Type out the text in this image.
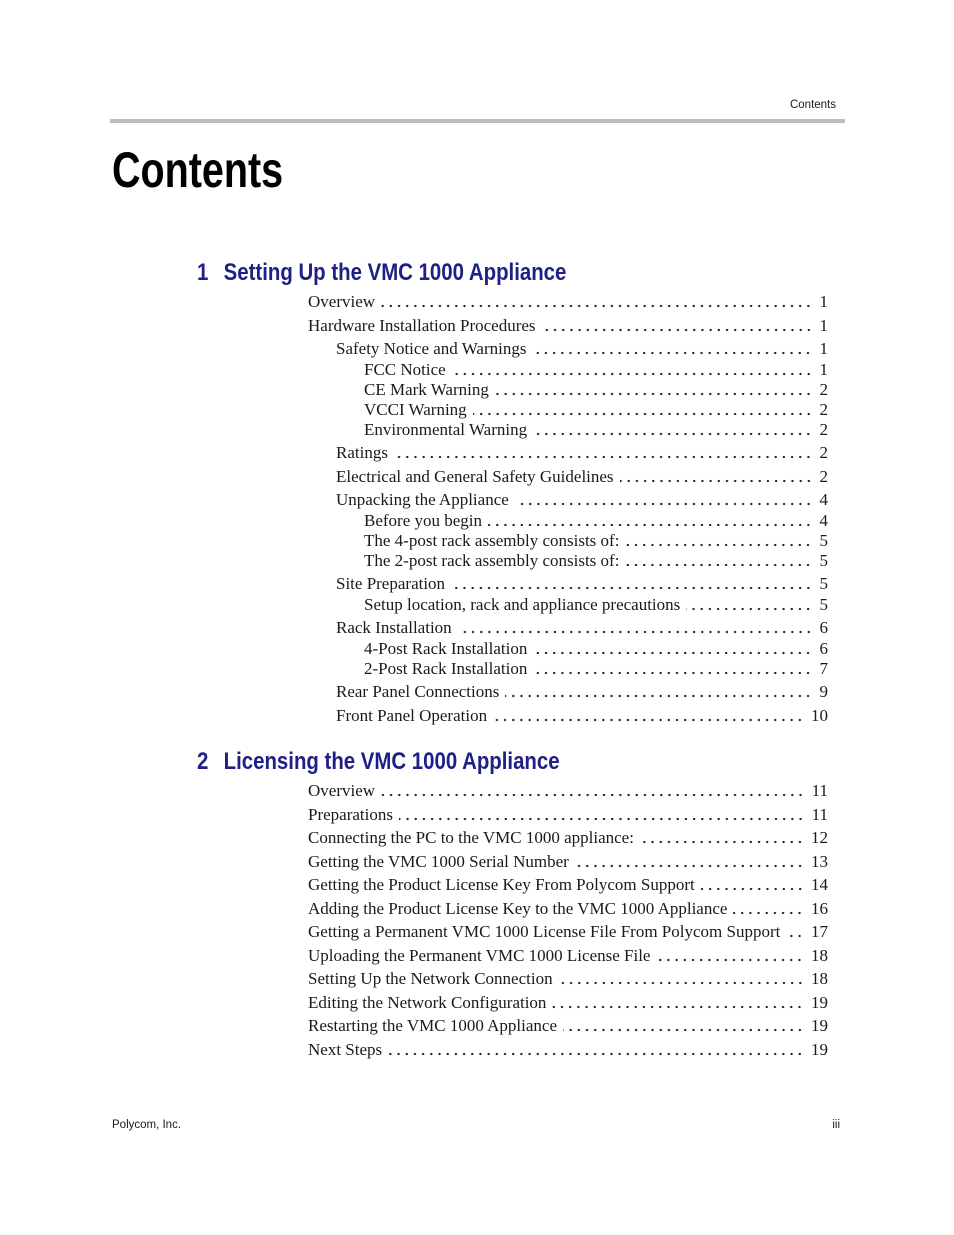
Contents
Contents
1 Setting Up the VMC 1000 Appliance
Overview	1
Hardware Installation Procedures	1
Safety Notice and Warnings	1
FCC Notice	1
CE Mark Warning	2
VCCI Warning	2
Environmental Warning	2
Ratings	2
Electrical and General Safety Guidelines	2
Unpacking the Appliance	4
Before you begin	4
The 4-post rack assembly consists of:	5
The 2-post rack assembly consists of:	5
Site Preparation	5
Setup location, rack and appliance precautions	5
Rack Installation	6
4-Post Rack Installation	6
2-Post Rack Installation	7
Rear Panel Connections	9
Front Panel Operation	10
2 Licensing the VMC 1000 Appliance
Overview	11
Preparations	11
Connecting the PC to the VMC 1000 appliance:	12
Getting the VMC 1000 Serial Number	13
Getting the Product License Key From Polycom Support	14
Adding the Product License Key to the VMC 1000 Appliance	16
Getting a Permanent VMC 1000 License File From Polycom Support 17
Uploading the Permanent VMC 1000 License File	18
Setting Up the Network Connection	18
Editing the Network Configuration	19
Restarting the VMC 1000 Appliance	19
Next Steps	19
Polycom, Inc.	iii
